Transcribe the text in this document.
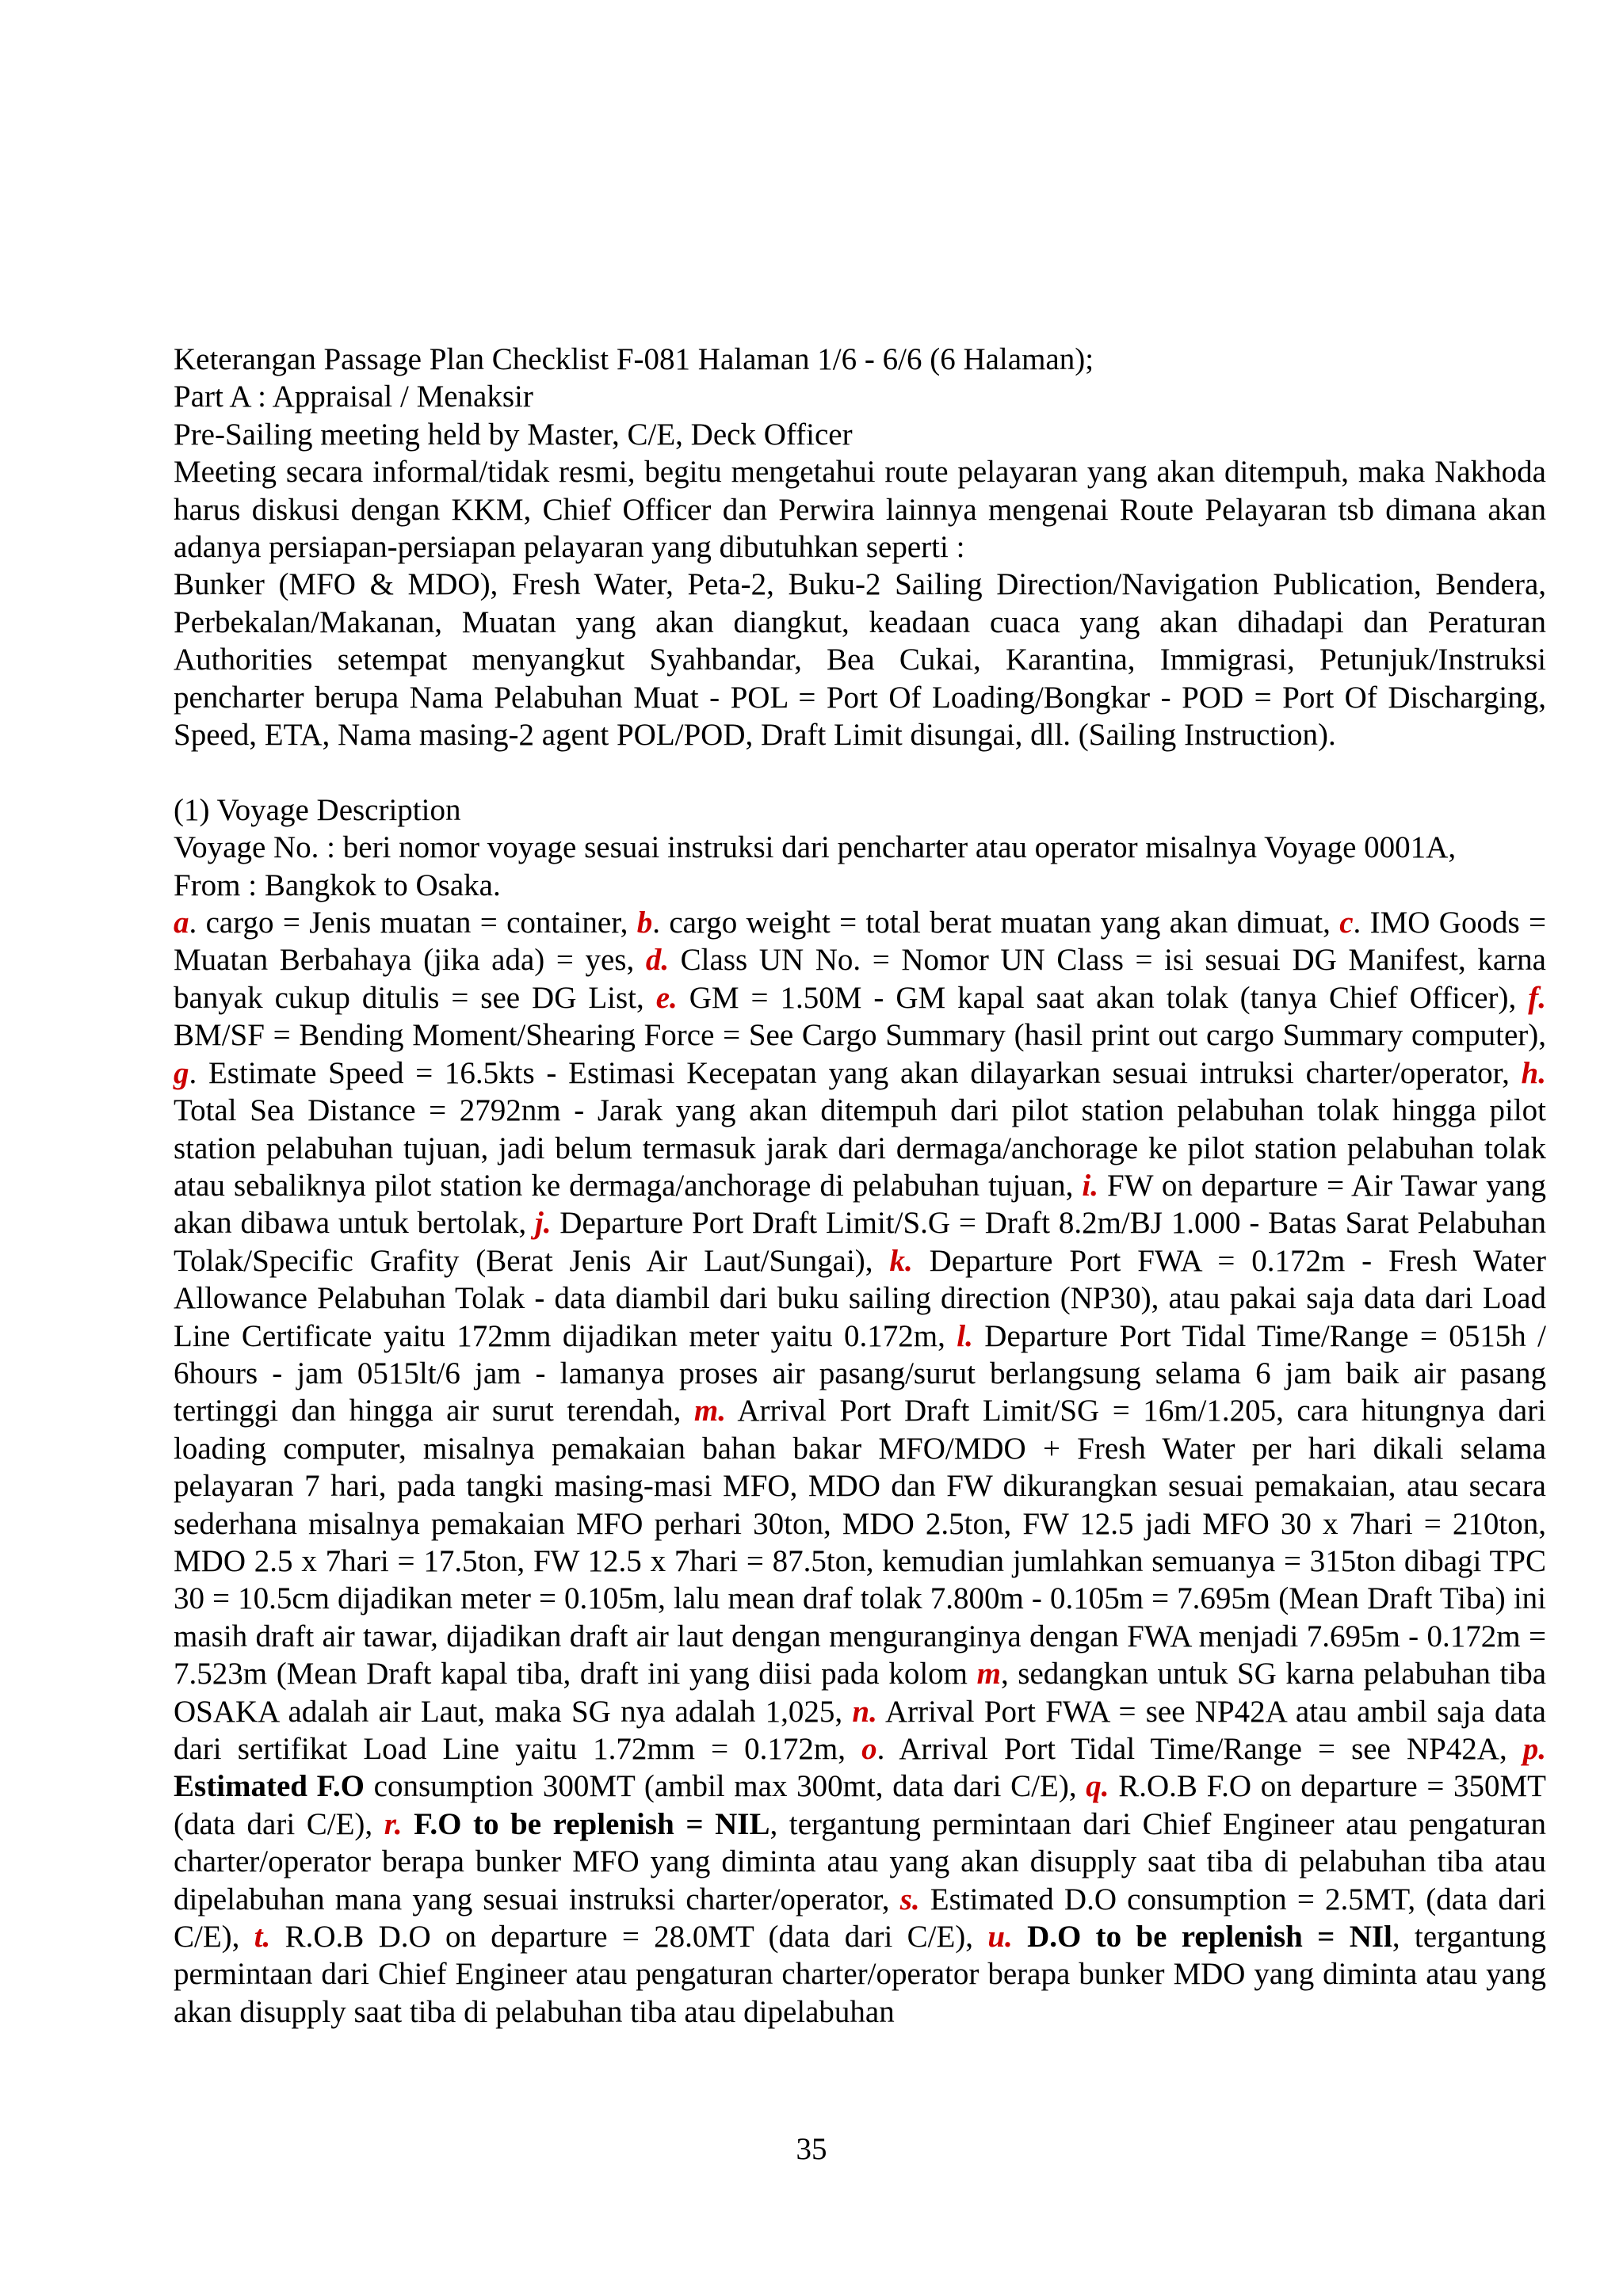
Keterangan Passage Plan Checklist F-081 Halaman 1/6 - 6/6 (6 Halaman);

Part A : Appraisal / Menaksir

Pre-Sailing meeting held by Master, C/E, Deck Officer

Meeting secara informal/tidak resmi, begitu mengetahui route pelayaran yang akan ditempuh, maka Nakhoda harus diskusi dengan KKM, Chief Officer dan Perwira lainnya mengenai Route Pelayaran tsb dimana akan adanya persiapan-persiapan pelayaran yang dibutuhkan seperti :

Bunker (MFO & MDO), Fresh Water, Peta-2, Buku-2 Sailing Direction/Navigation Publication, Bendera, Perbekalan/Makanan, Muatan yang akan diangkut, keadaan cuaca yang akan dihadapi dan Peraturan Authorities setempat menyangkut Syahbandar, Bea Cukai, Karantina, Immigrasi, Petunjuk/Instruksi pencharter berupa Nama Pelabuhan Muat - POL = Port Of Loading/Bongkar - POD = Port Of Discharging, Speed, ETA, Nama masing-2 agent POL/POD, Draft Limit disungai, dll. (Sailing Instruction).

(1) Voyage Description

Voyage No. : beri nomor voyage sesuai instruksi dari pencharter atau operator misalnya Voyage 0001A,

From : Bangkok to Osaka.

a. cargo = Jenis muatan = container, b. cargo weight = total berat muatan yang akan dimuat, c. IMO Goods = Muatan Berbahaya (jika ada) = yes, d. Class UN No. = Nomor UN Class = isi sesuai DG Manifest, karna banyak cukup ditulis = see DG List, e. GM = 1.50M - GM kapal saat akan tolak (tanya Chief Officer), f. BM/SF = Bending Moment/Shearing Force = See Cargo Summary (hasil print out cargo Summary computer), g. Estimate Speed = 16.5kts - Estimasi Kecepatan yang akan dilayarkan sesuai intruksi charter/operator, h. Total Sea Distance = 2792nm - Jarak yang akan ditempuh dari pilot station pelabuhan tolak hingga pilot station pelabuhan tujuan, jadi belum termasuk jarak dari dermaga/anchorage ke pilot station pelabuhan tolak atau sebaliknya pilot station ke dermaga/anchorage di pelabuhan tujuan, i. FW on departure = Air Tawar yang akan dibawa untuk bertolak, j. Departure Port Draft Limit/S.G = Draft 8.2m/BJ 1.000 - Batas Sarat Pelabuhan Tolak/Specific Grafity (Berat Jenis Air Laut/Sungai), k. Departure Port FWA = 0.172m - Fresh Water Allowance Pelabuhan Tolak - data diambil dari buku sailing direction (NP30), atau pakai saja data dari Load Line Certificate yaitu 172mm dijadikan meter yaitu 0.172m, l. Departure Port Tidal Time/Range = 0515h / 6hours - jam 0515lt/6 jam - lamanya proses air pasang/surut berlangsung selama 6 jam baik air pasang tertinggi dan hingga air surut terendah, m. Arrival Port Draft Limit/SG = 16m/1.205, cara hitungnya dari loading computer, misalnya pemakaian bahan bakar MFO/MDO + Fresh Water per hari dikali selama pelayaran 7 hari, pada tangki masing-masi MFO, MDO dan FW dikurangkan sesuai pemakaian, atau secara sederhana misalnya pemakaian MFO perhari 30ton, MDO 2.5ton, FW 12.5 jadi MFO 30 x 7hari = 210ton, MDO 2.5 x 7hari = 17.5ton, FW 12.5 x 7hari = 87.5ton, kemudian jumlahkan semuanya = 315ton dibagi TPC 30 = 10.5cm dijadikan meter = 0.105m, lalu mean draf tolak 7.800m - 0.105m = 7.695m (Mean Draft Tiba) ini masih draft air tawar, dijadikan draft air laut dengan menguranginya dengan FWA menjadi 7.695m - 0.172m = 7.523m (Mean Draft kapal tiba, draft ini yang diisi pada kolom m, sedangkan untuk SG karna pelabuhan tiba OSAKA adalah air Laut, maka SG nya adalah 1,025, n. Arrival Port FWA = see NP42A atau ambil saja data dari sertifikat Load Line yaitu 1.72mm = 0.172m, o. Arrival Port Tidal Time/Range = see NP42A, p. Estimated F.O consumption 300MT (ambil max 300mt, data dari C/E), q. R.O.B F.O on departure = 350MT (data dari C/E), r. F.O to be replenish = NIL, tergantung permintaan dari Chief Engineer atau pengaturan charter/operator berapa bunker MFO yang diminta atau yang akan disupply saat tiba di pelabuhan tiba atau dipelabuhan mana yang sesuai instruksi charter/operator, s. Estimated D.O consumption = 2.5MT, (data dari C/E), t. R.O.B D.O on departure = 28.0MT (data dari C/E), u. D.O to be replenish = NIl, tergantung permintaan dari Chief Engineer atau pengaturan charter/operator berapa bunker MDO yang diminta atau yang akan disupply saat tiba di pelabuhan tiba atau dipelabuhan

35
